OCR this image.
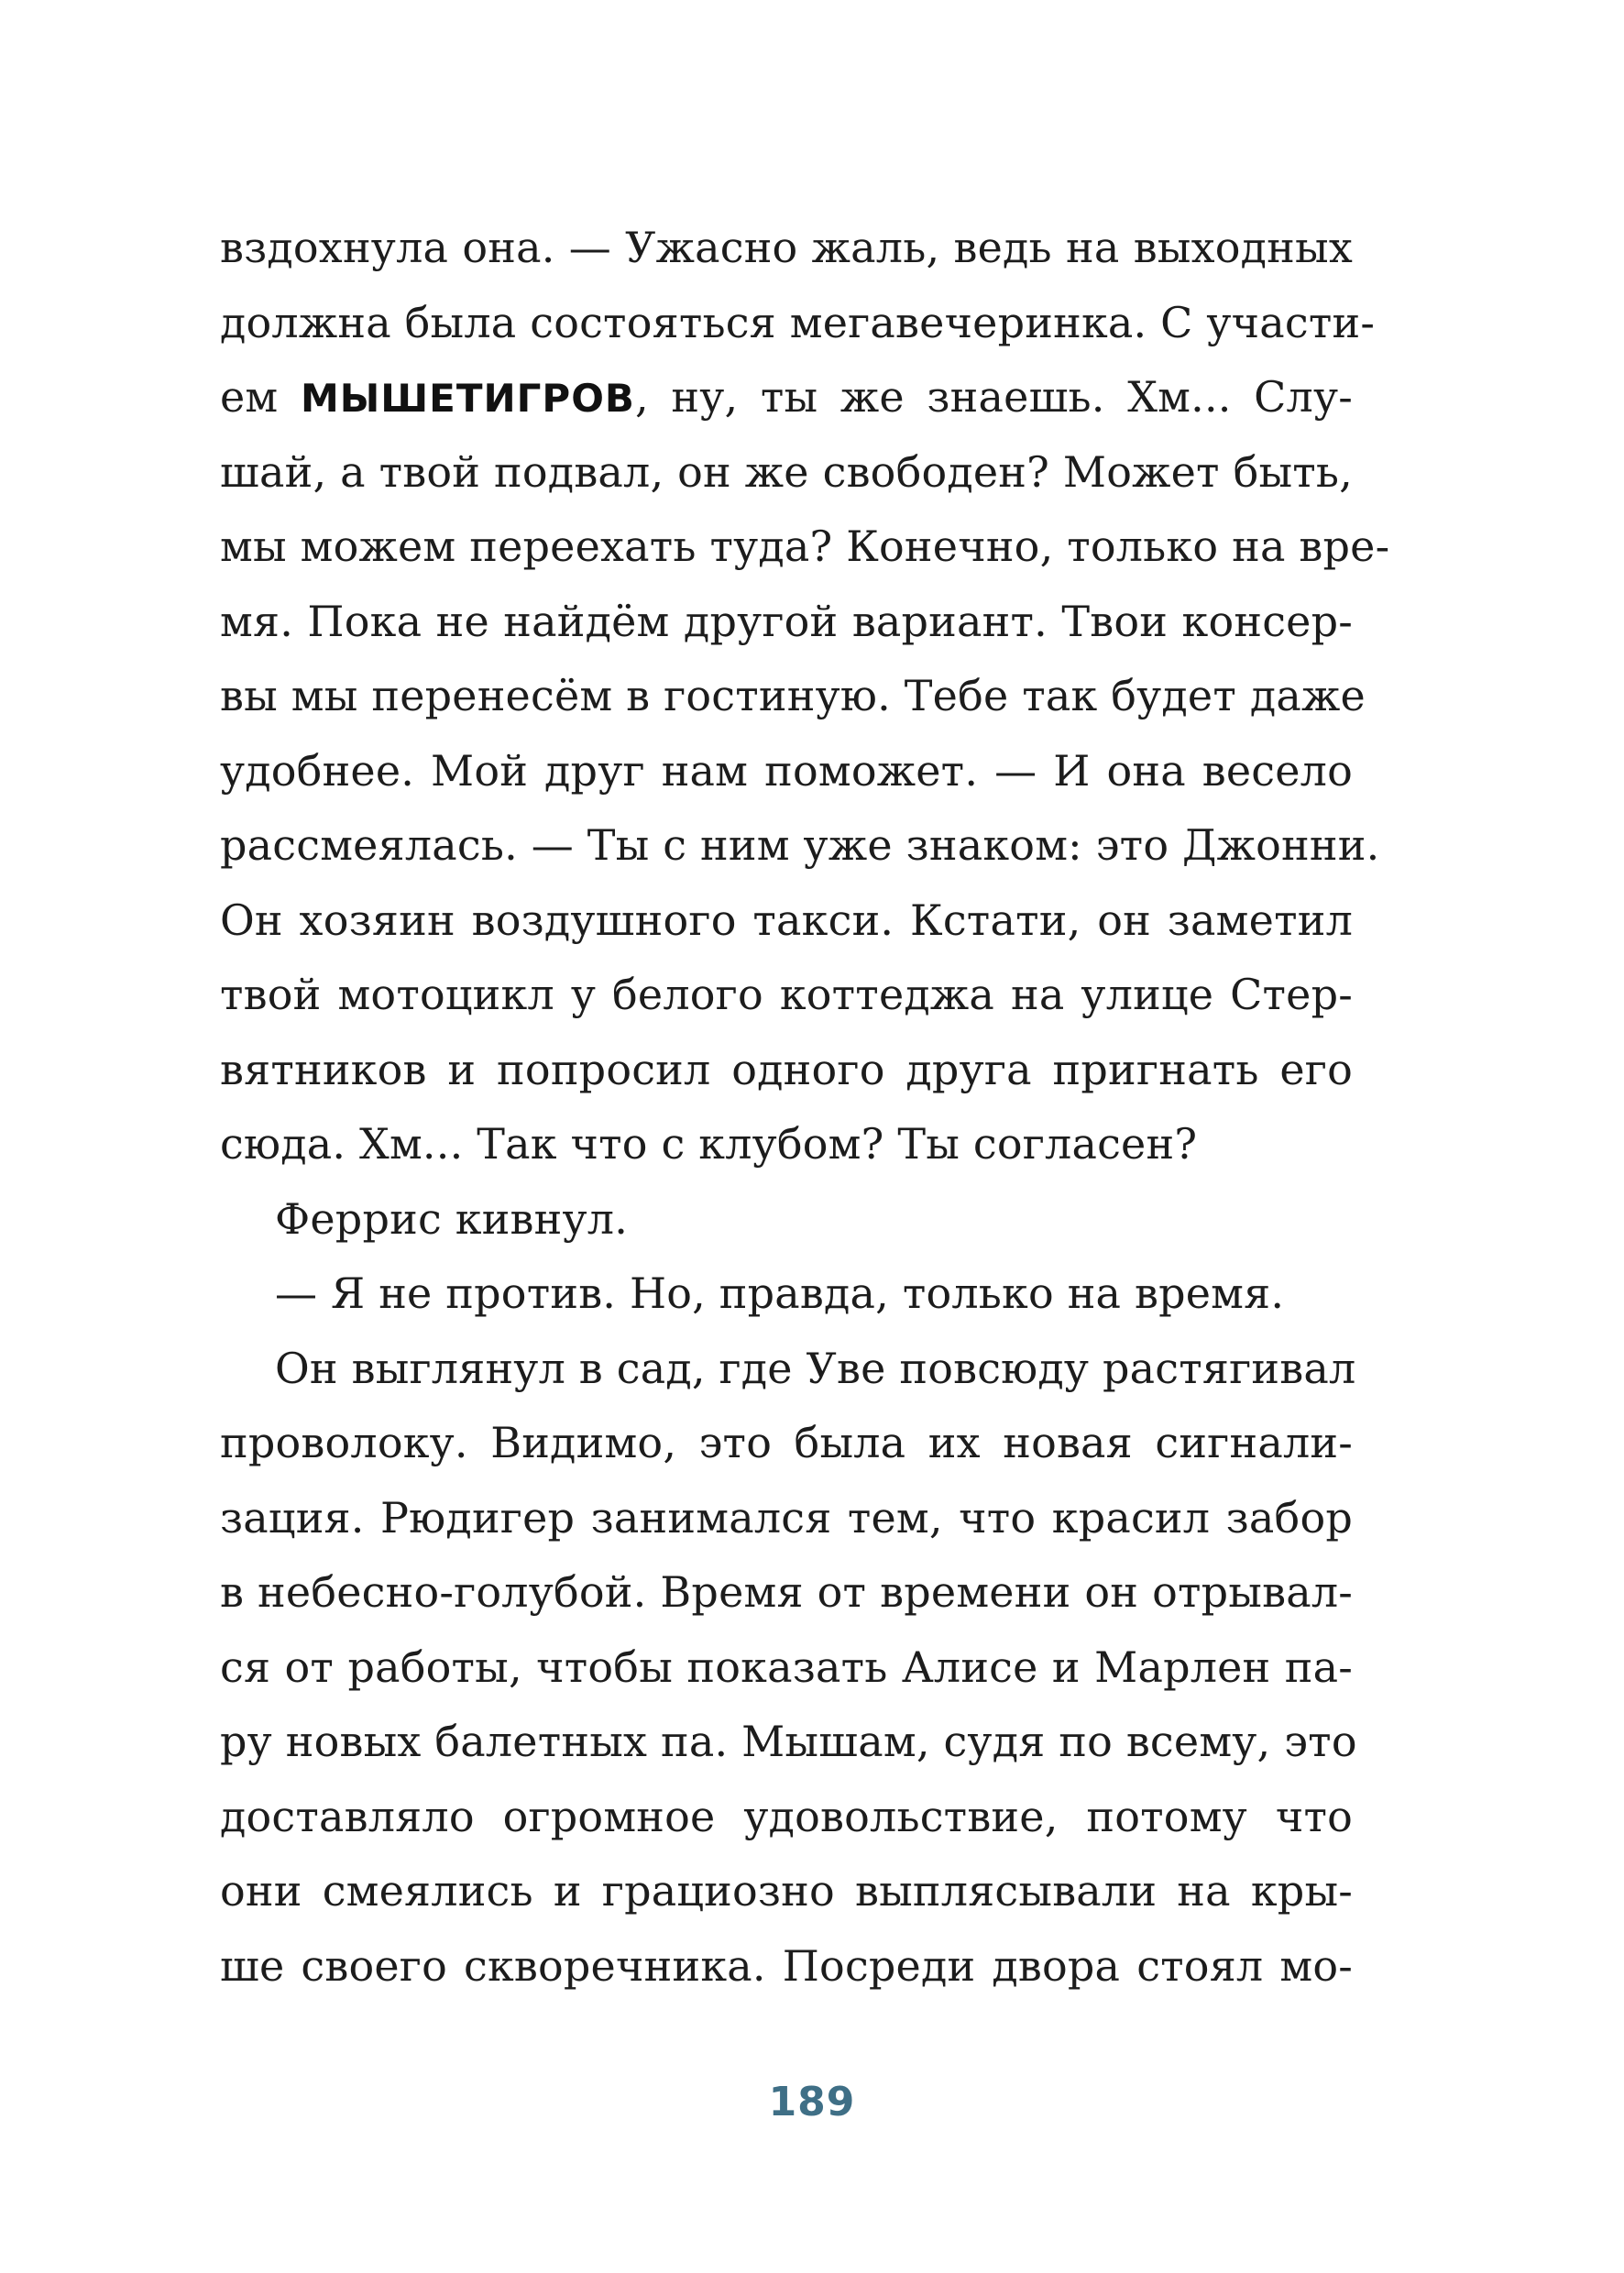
вздохнула она. — Ужасно жаль, ведь на выходных
должна была состояться мегавечеринка. С участи-
ем МЫШЕТИГРОВ, ну, ты же знаешь. Хм... Слу-
шай, а твой подвал, он же свободен? Может быть,
мы можем переехать туда? Конечно, только на вре-
мя. Пока не найдём другой вариант. Твои консер-
вы мы перенесём в гостиную. Тебе так будет даже
удобнее. Мой друг нам поможет. — И она весело
рассмеялась. — Ты с ним уже знаком: это Джонни.
Он хозяин воздушного такси. Кстати, он заметил
твой мотоцикл у белого коттеджа на улице Стер-
вятников и попросил одного друга пригнать его
сюда. Хм... Так что с клубом? Ты согласен?
Феррис кивнул.
— Я не против. Но, правда, только на время.
Он выглянул в сад, где Уве повсюду растягивал
проволоку. Видимо, это была их новая сигнали-
зация. Рюдигер занимался тем, что красил забор
в небесно-голубой. Время от времени он отрывал-
ся от работы, чтобы показать Алисе и Марлен па-
ру новых балетных па. Мышам, судя по всему, это
доставляло огромное удовольствие, потому что
они смеялись и грациозно выплясывали на кры-
ше своего скворечника. Посреди двора стоял мо-
189
